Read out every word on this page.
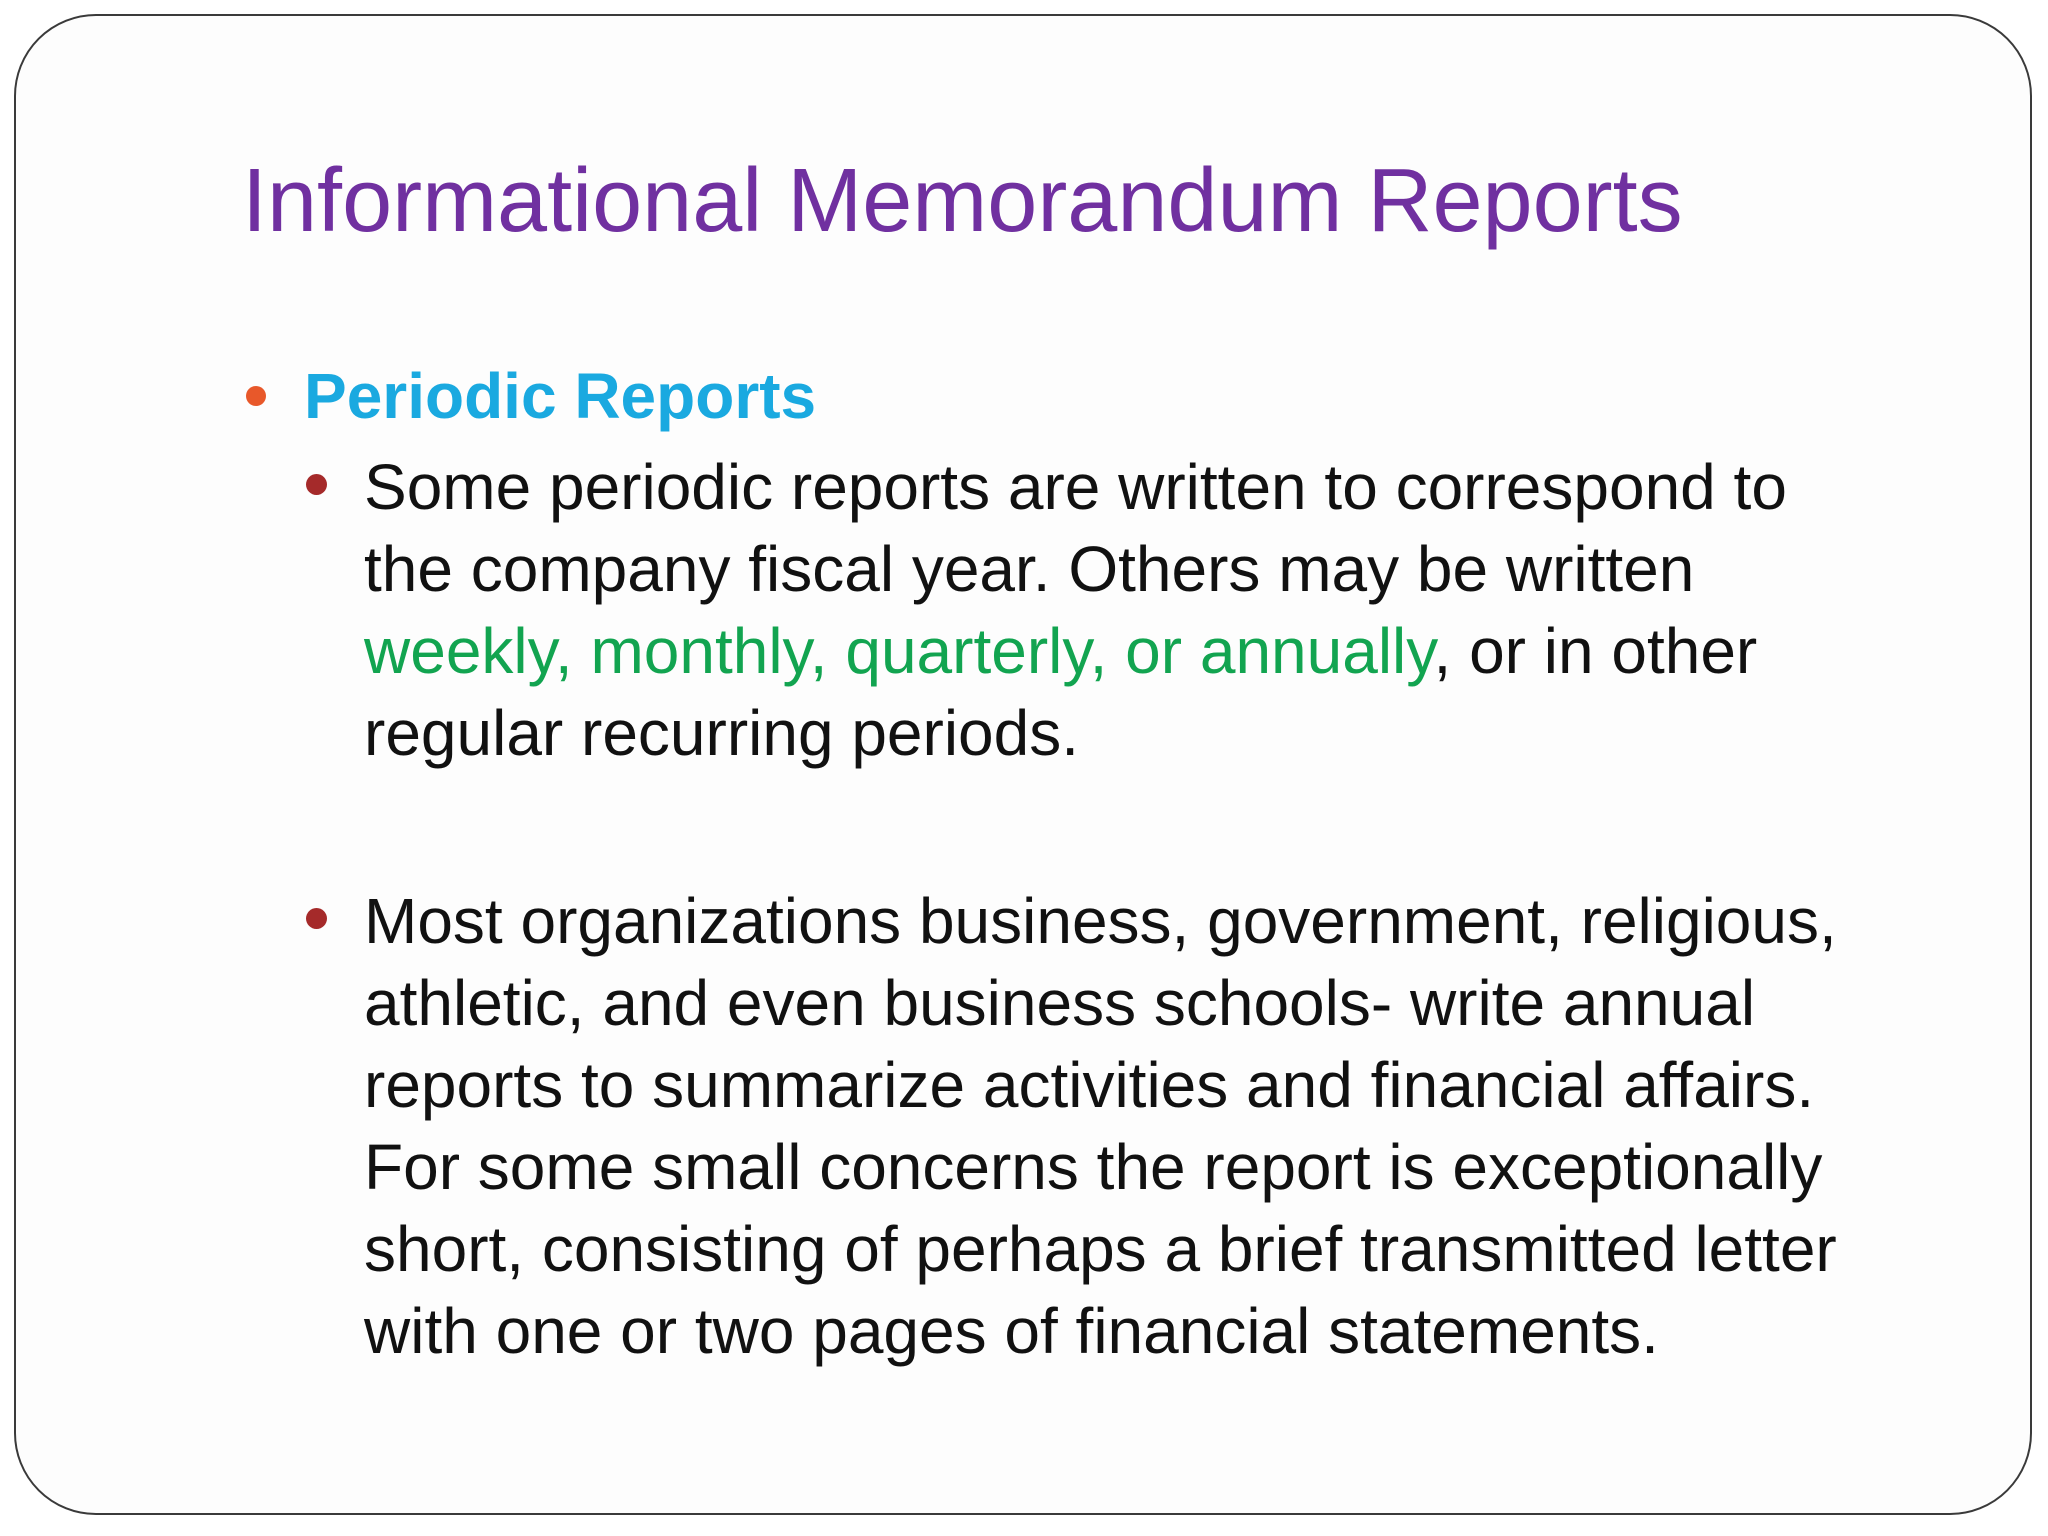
Informational Memorandum Reports
Periodic Reports
Some periodic reports are written to correspond to
the company fiscal year. Others may be written
weekly, monthly, quarterly, or annually, or in other
regular recurring periods.
Most organizations business, government, religious,
athletic, and even business schools- write annual
reports to summarize activities and financial affairs.
For some small concerns the report is exceptionally
short, consisting of perhaps a brief transmitted letter
with one or two pages of financial statements.
